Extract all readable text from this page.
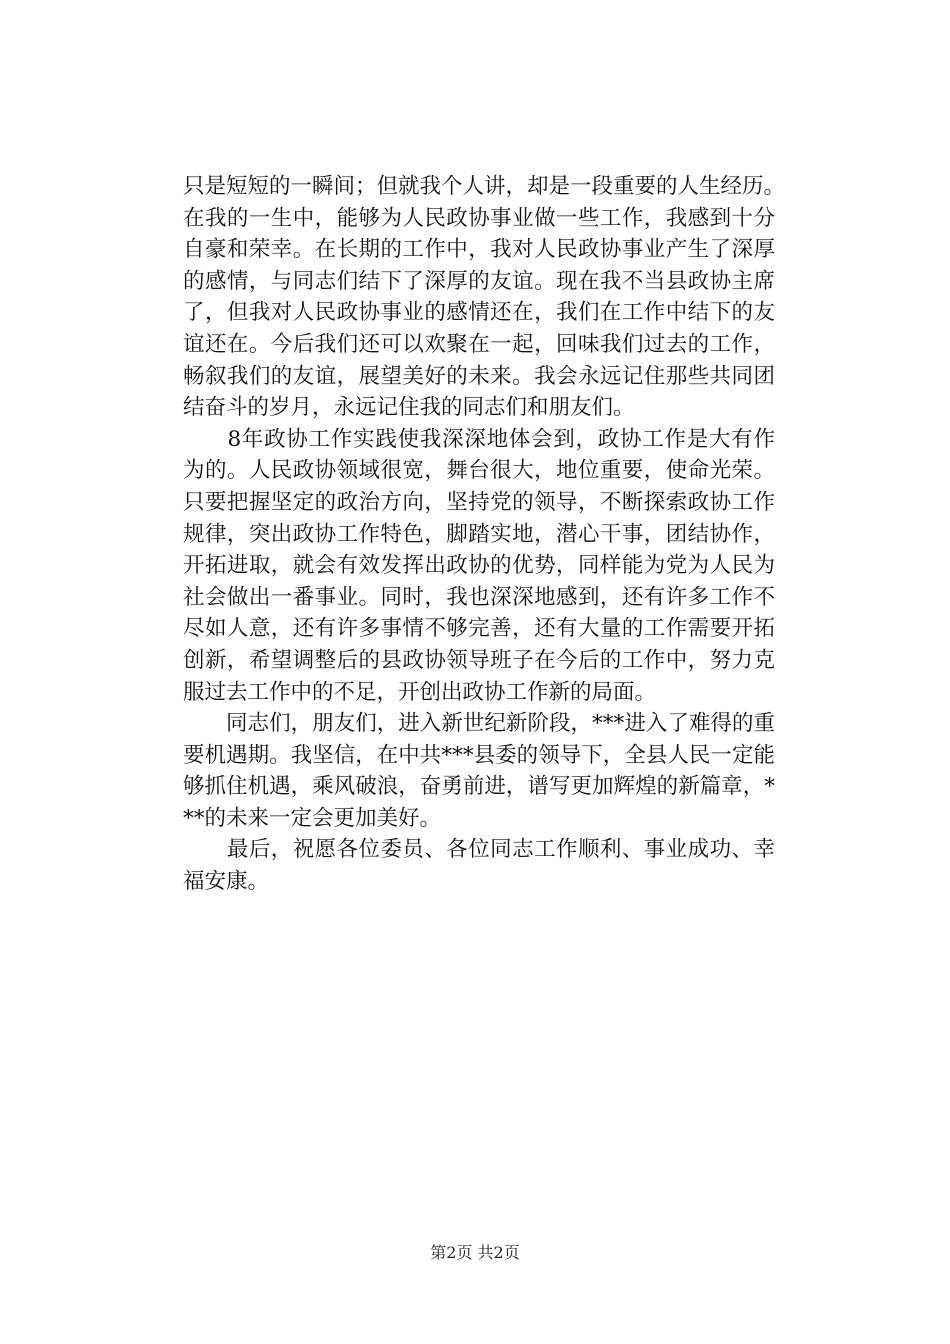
只是短短的一瞬间；但就我个人讲，却是一段重要的人生经历。
在我的一生中，能够为人民政协事业做一些工作，我感到十分
自豪和荣幸。在长期的工作中，我对人民政协事业产生了深厚
的感情，与同志们结下了深厚的友谊。现在我不当县政协主席
了，但我对人民政协事业的感情还在，我们在工作中结下的友
谊还在。今后我们还可以欢聚在一起，回味我们过去的工作，
畅叙我们的友谊，展望美好的未来。我会永远记住那些共同团
结奋斗的岁月，永远记住我的同志们和朋友们。
　　8年政协工作实践使我深深地体会到，政协工作是大有作
为的。人民政协领域很宽，舞台很大，地位重要，使命光荣。
只要把握坚定的政治方向，坚持党的领导，不断探索政协工作
规律，突出政协工作特色，脚踏实地，潜心干事，团结协作，
开拓进取，就会有效发挥出政协的优势，同样能为党为人民为
社会做出一番事业。同时，我也深深地感到，还有许多工作不
尽如人意，还有许多事情不够完善，还有大量的工作需要开拓
创新，希望调整后的县政协领导班子在今后的工作中，努力克
服过去工作中的不足，开创出政协工作新的局面。
　　同志们，朋友们，进入新世纪新阶段，***进入了难得的重
要机遇期。我坚信，在中共***县委的领导下，全县人民一定能
够抓住机遇，乘风破浪，奋勇前进，谱写更加辉煌的新篇章，*
**的未来一定会更加美好。
　　最后，祝愿各位委员、各位同志工作顺利、事业成功、幸
福安康。
第2页 共2页
